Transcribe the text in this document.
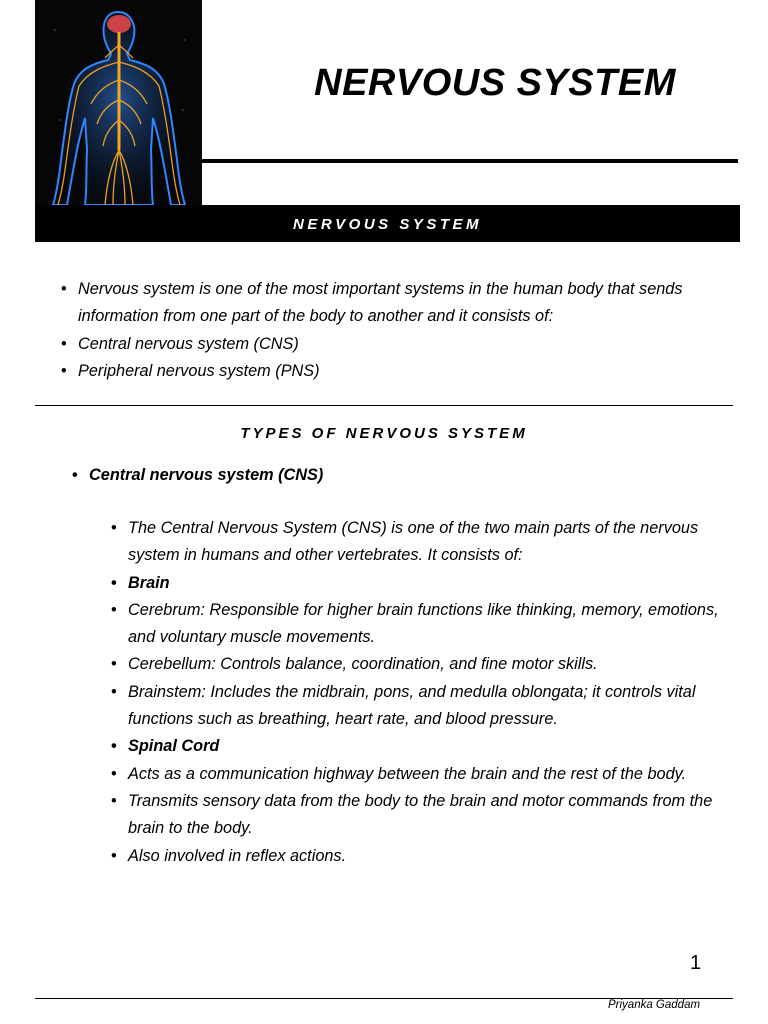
NERVOUS SYSTEM
NERVOUS SYSTEM
• Nervous system is one of the most important systems in the human body that sends information from one part of the body to another and it consists of:
• Central nervous system (CNS)
• Peripheral nervous system (PNS)
TYPES OF NERVOUS SYSTEM
• Central nervous system (CNS)
• The Central Nervous System (CNS) is one of the two main parts of the nervous system in humans and other vertebrates. It consists of:
• Brain
• Cerebrum: Responsible for higher brain functions like thinking, memory, emotions, and voluntary muscle movements.
• Cerebellum: Controls balance, coordination, and fine motor skills.
• Brainstem: Includes the midbrain, pons, and medulla oblongata; it controls vital functions such as breathing, heart rate, and blood pressure.
• Spinal Cord
• Acts as a communication highway between the brain and the rest of the body.
• Transmits sensory data from the body to the brain and motor commands from the brain to the body.
• Also involved in reflex actions.
1
Priyanka Gaddam
